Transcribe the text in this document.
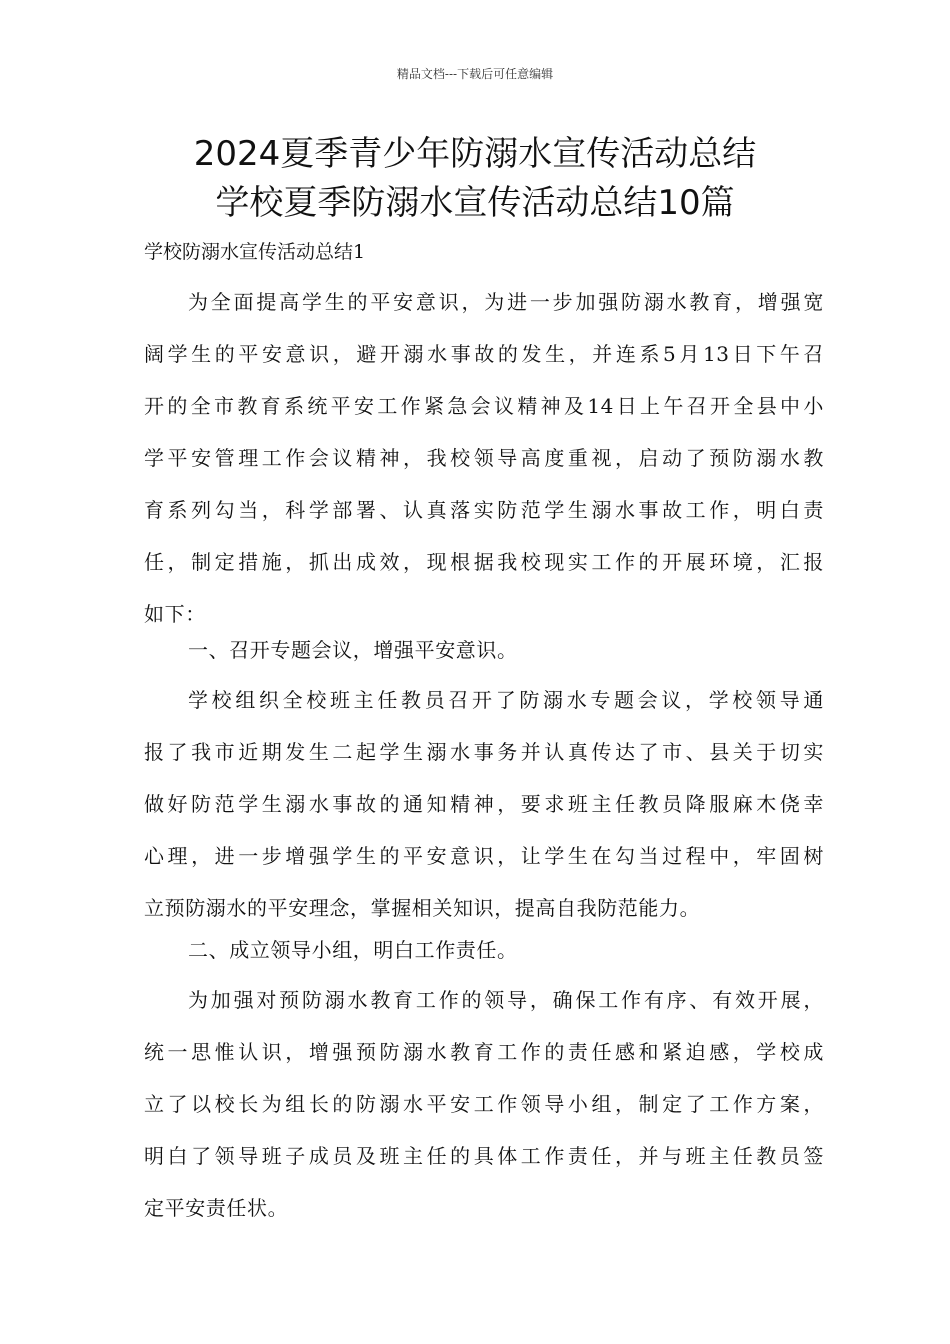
精品文档---下载后可任意编辑
2024夏季青少年防溺水宣传活动总结
学校夏季防溺水宣传活动总结10篇
学校防溺水宣传活动总结1
为全面提高学生的平安意识，为进一步加强防溺水教育，增强宽
阔学生的平安意识，避开溺水事故的发生，并连系5月13日下午召
开的全市教育系统平安工作紧急会议精神及14日上午召开全县中小
学平安管理工作会议精神，我校领导高度重视，启动了预防溺水教
育系列勾当，科学部署、认真落实防范学生溺水事故工作，明白责
任，制定措施，抓出成效，现根据我校现实工作的开展环境，汇报
如下：
一、召开专题会议，增强平安意识。
学校组织全校班主任教员召开了防溺水专题会议，学校领导通
报了我市近期发生二起学生溺水事务并认真传达了市、县关于切实
做好防范学生溺水事故的通知精神，要求班主任教员降服麻木侥幸
心理，进一步增强学生的平安意识，让学生在勾当过程中，牢固树
立预防溺水的平安理念，掌握相关知识，提高自我防范能力。
二、成立领导小组，明白工作责任。
为加强对预防溺水教育工作的领导，确保工作有序、有效开展，
统一思惟认识，增强预防溺水教育工作的责任感和紧迫感，学校成
立了以校长为组长的防溺水平安工作领导小组，制定了工作方案，
明白了领导班子成员及班主任的具体工作责任，并与班主任教员签
定平安责任状。
